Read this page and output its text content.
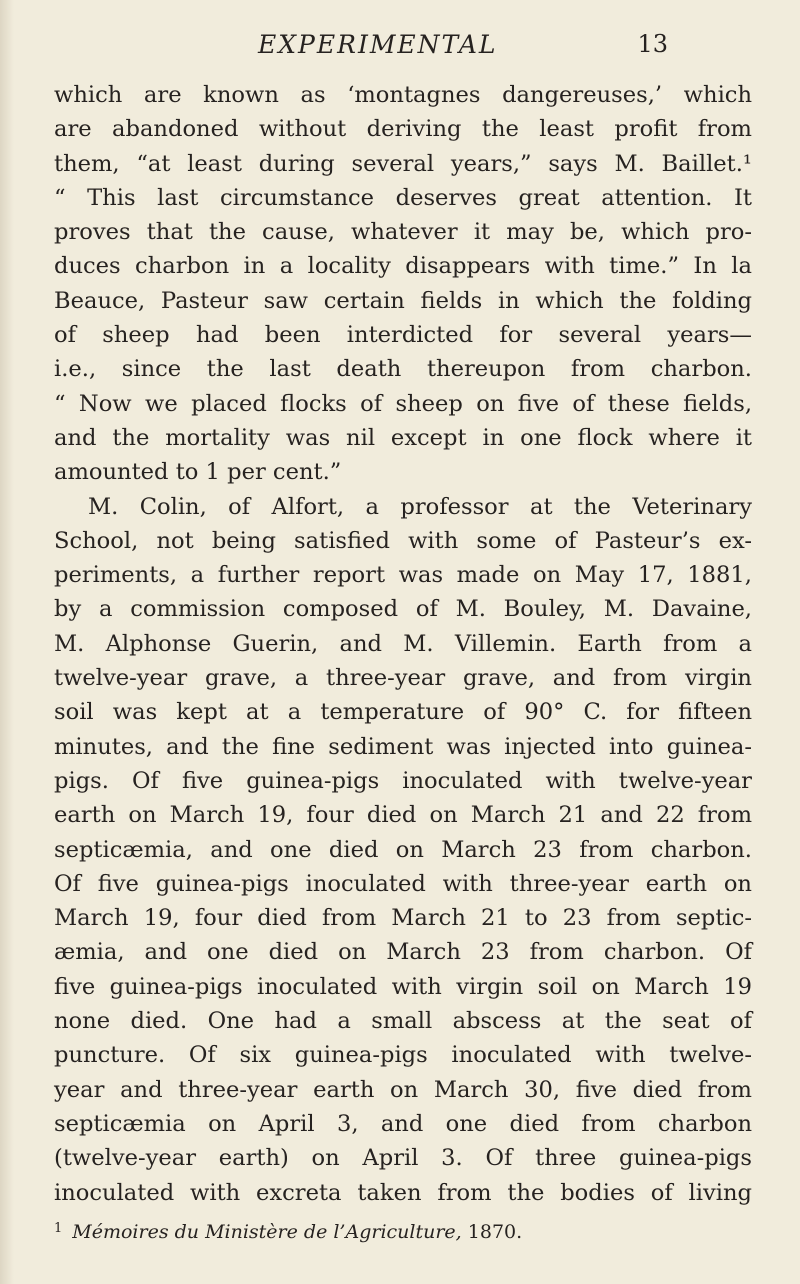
EXPERIMENTAL	13
which are known as ‘montagnes dangereuses,’ which
are abandoned without deriving the least profit from
them, “at least during several years,” says M. Baillet.¹
“ This last circumstance deserves great attention. It
proves that the cause, whatever it may be, which pro-
duces charbon in a locality disappears with time.” In la
Beauce, Pasteur saw certain fields in which the folding
of sheep had been interdicted for several years—
i.e., since the last death thereupon from charbon.
“ Now we placed flocks of sheep on five of these fields,
and the mortality was nil except in one flock where it
amounted to 1 per cent.”
M. Colin, of Alfort, a professor at the Veterinary
School, not being satisfied with some of Pasteur’s ex-
periments, a further report was made on May 17, 1881,
by a commission composed of M. Bouley, M. Davaine,
M. Alphonse Guerin, and M. Villemin. Earth from a
twelve-year grave, a three-year grave, and from virgin
soil was kept at a temperature of 90° C. for fifteen
minutes, and the fine sediment was injected into guinea-
pigs. Of five guinea-pigs inoculated with twelve-year
earth on March 19, four died on March 21 and 22 from
septicæmia, and one died on March 23 from charbon.
Of five guinea-pigs inoculated with three-year earth on
March 19, four died from March 21 to 23 from septic-
æmia, and one died on March 23 from charbon. Of
five guinea-pigs inoculated with virgin soil on March 19
none died. One had a small abscess at the seat of
puncture. Of six guinea-pigs inoculated with twelve-
year and three-year earth on March 30, five died from
septicæmia on April 3, and one died from charbon
(twelve-year earth) on April 3. Of three guinea-pigs
inoculated with excreta taken from the bodies of living
$^1$ Mémoires du Ministère de l’Agriculture, 1870.
